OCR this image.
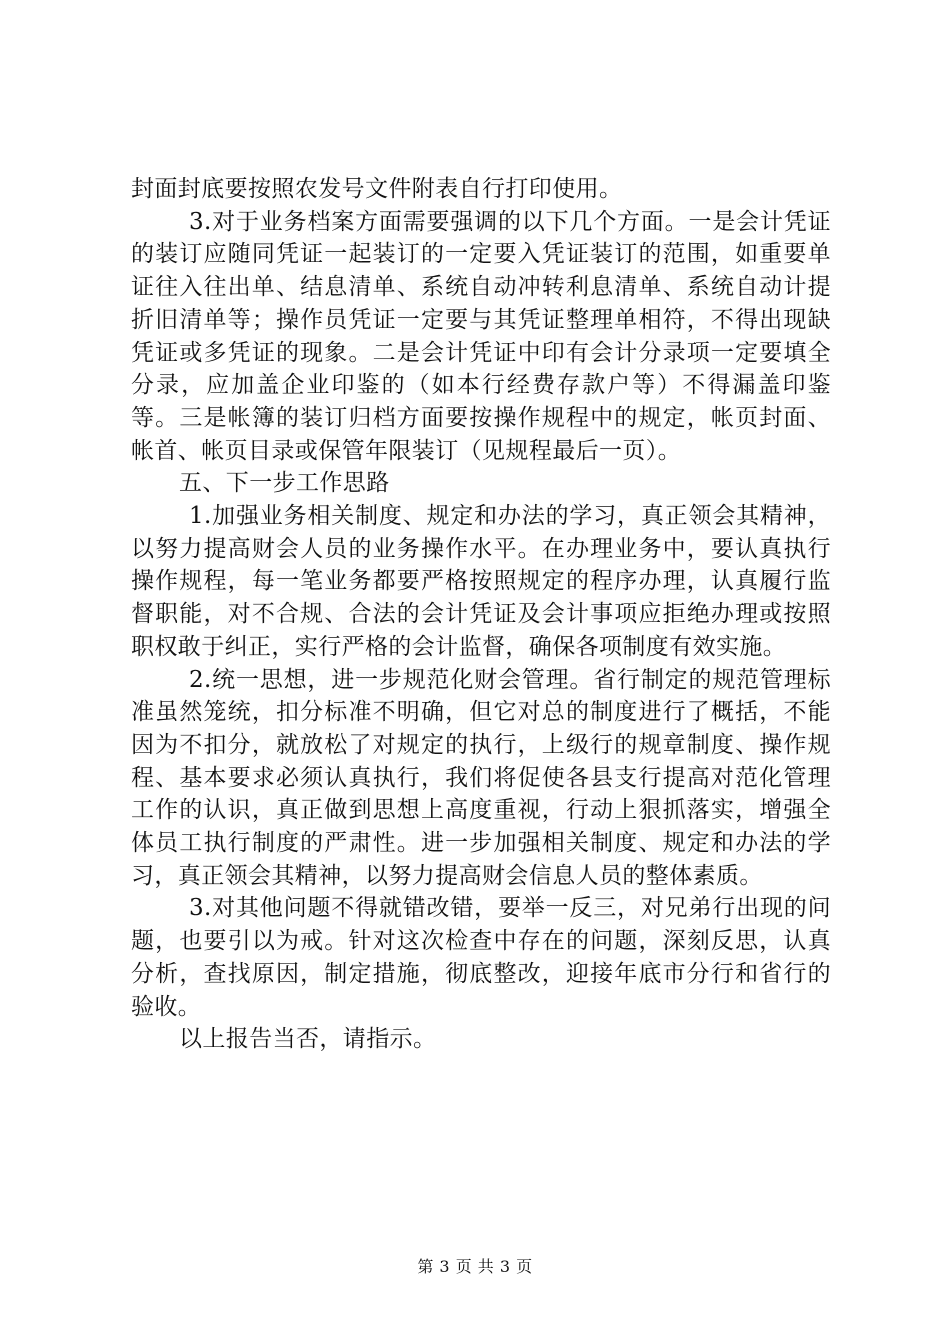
封面封底要按照农发号文件附表自行打印使用。

3.对于业务档案方面需要强调的以下几个方面。一是会计凭证的装订应随同凭证一起装订的一定要入凭证装订的范围，如重要单证往入往出单、结息清单、系统自动冲转利息清单、系统自动计提折旧清单等；操作员凭证一定要与其凭证整理单相符，不得出现缺凭证或多凭证的现象。二是会计凭证中印有会计分录项一定要填全分录，应加盖企业印鉴的（如本行经费存款户等）不得漏盖印鉴等。三是帐簿的装订归档方面要按操作规程中的规定，帐页封面、帐首、帐页目录或保管年限装订（见规程最后一页）。

五、下一步工作思路

1.加强业务相关制度、规定和办法的学习，真正领会其精神，以努力提高财会人员的业务操作水平。在办理业务中，要认真执行操作规程，每一笔业务都要严格按照规定的程序办理，认真履行监督职能，对不合规、合法的会计凭证及会计事项应拒绝办理或按照职权敢于纠正，实行严格的会计监督，确保各项制度有效实施。

2.统一思想，进一步规范化财会管理。省行制定的规范管理标准虽然笼统，扣分标准不明确，但它对总的制度进行了概括，不能因为不扣分，就放松了对规定的执行，上级行的规章制度、操作规程、基本要求必须认真执行，我们将促使各县支行提高对范化管理工作的认识，真正做到思想上高度重视，行动上狠抓落实，增强全体员工执行制度的严肃性。进一步加强相关制度、规定和办法的学习，真正领会其精神，以努力提高财会信息人员的整体素质。

3.对其他问题不得就错改错，要举一反三，对兄弟行出现的问题，也要引以为戒。针对这次检查中存在的问题，深刻反思，认真分析，查找原因，制定措施，彻底整改，迎接年底市分行和省行的验收。

以上报告当否，请指示。

第 3 页 共 3 页
